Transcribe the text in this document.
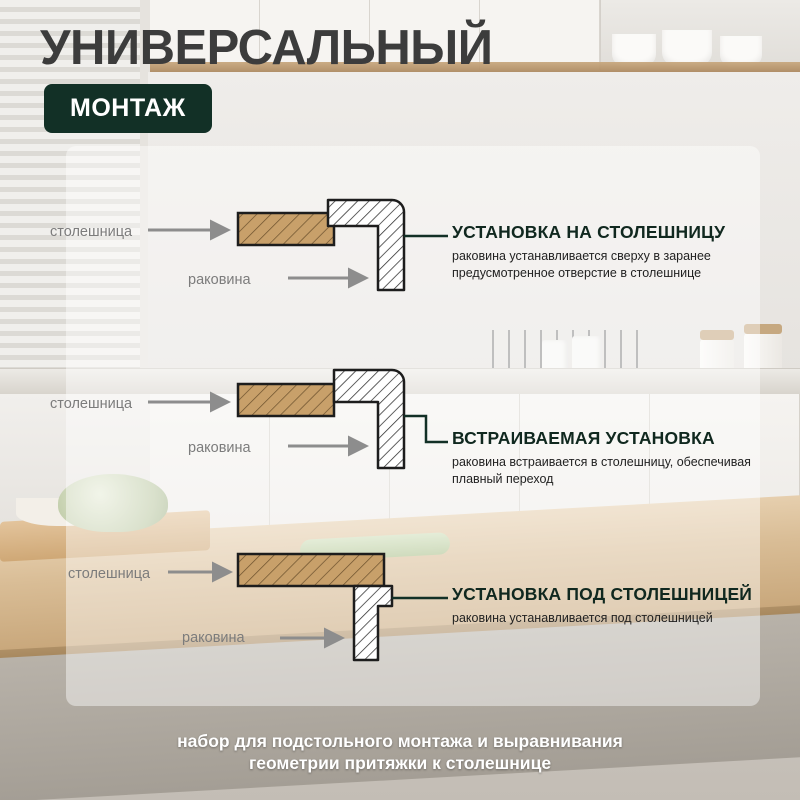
УНИВЕРСАЛЬНЫЙ
МОНТАЖ
столешница
раковина
УСТАНОВКА НА СТОЛЕШНИЦУ
раковина устанавливается сверху в заранее предусмотренное отверстие в столешнице
столешница
раковина	ВСТРАИВАЕМАЯ УСТАНОВКА
раковина встраивается в столешницу, обеспечивая плавный переход
столешница
раковина
УСТАНОВКА ПОД СТОЛЕШНИЦЕЙ
раковина устанавливается под столешницей
набор для подстольного монтажа и выравнивания
геометрии притяжки к столешнице
